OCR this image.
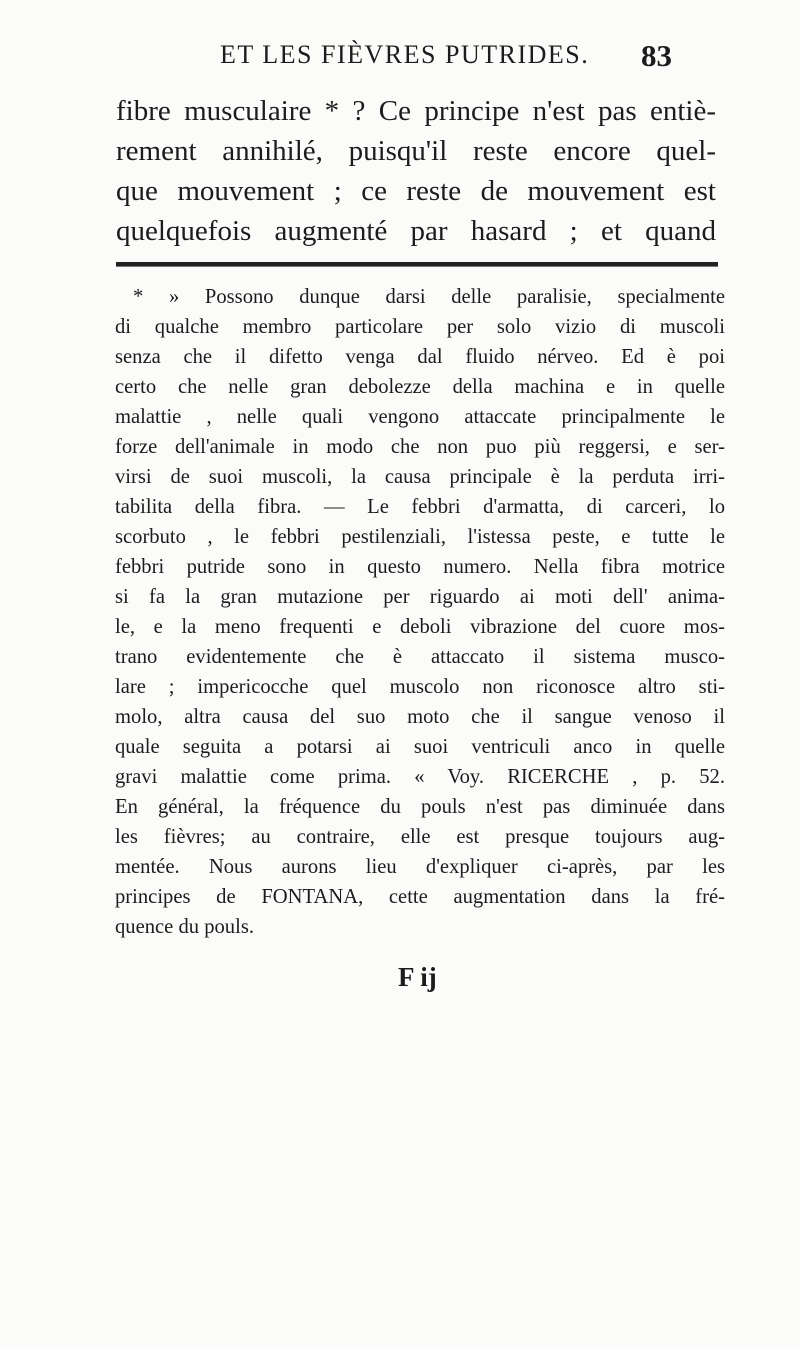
ET LES FIÈVRES PUTRIDES. 83
fibre musculaire * ? Ce principe n'est pas entiè-
rement annihilé, puisqu'il reste encore quel-
que mouvement ; ce reste de mouvement est
quelquefois augmenté par hasard ; et quand
* » Possono dunque darsi delle paralisie, specialmente
di qualche membro particolare per solo vizio di muscoli
senza che il difetto venga dal fluido nérveo. Ed è poi
certo che nelle gran debolezze della machina e in quelle
malattie , nelle quali vengono attaccate principalmente le
forze dell'animale in modo che non puo più reggersi, e ser-
virsi de suoi muscoli, la causa principale è la perduta irri-
tabilita della fibra. — Le febbri d'armatta, di carceri, lo
scorbuto , le febbri pestilenziali, l'istessa peste, e tutte le
febbri putride sono in questo numero. Nella fibra motrice
si fa la gran mutazione per riguardo ai moti dell' anima-
le, e la meno frequenti e deboli vibrazione del cuore mos-
trano evidentemente che è attaccato il sistema musco-
lare ; impericocche quel muscolo non riconosce altro sti-
molo, altra causa del suo moto che il sangue venoso il
quale seguita a potarsi ai suoi ventriculi anco in quelle
gravi malattie come prima. « Voy. RICERCHE , p. 52.
En général, la fréquence du pouls n'est pas diminuée dans
les fièvres; au contraire, elle est presque toujours aug-
mentée. Nous aurons lieu d'expliquer ci-après, par les
principes de FONTANA, cette augmentation dans la fré-
quence du pouls.
F ij
